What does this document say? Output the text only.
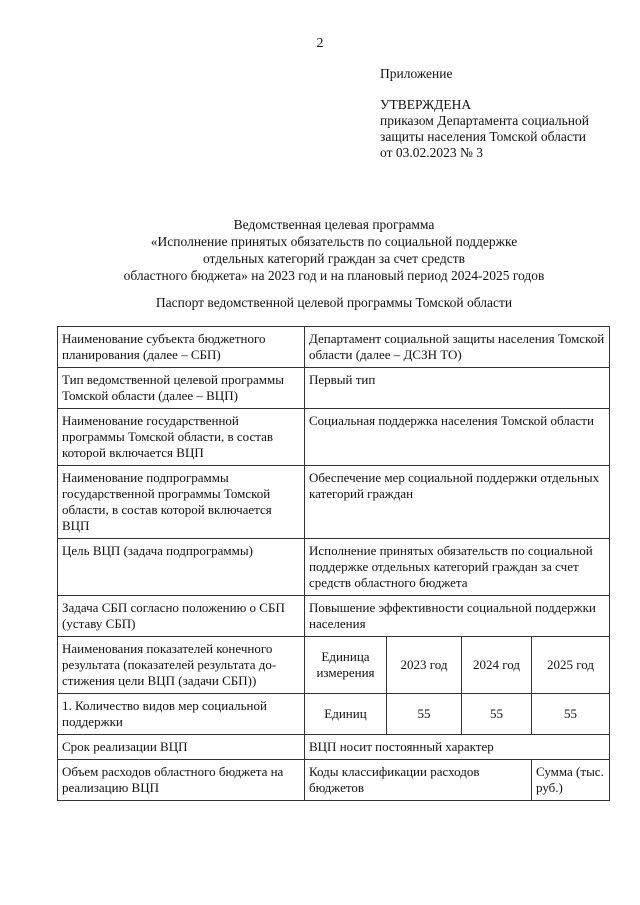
2
Приложение
УТВЕРЖДЕНА
приказом Департамента социальной
защиты населения Томской области
от 03.02.2023 № 3
Ведомственная целевая программа
«Исполнение принятых обязательств по социальной поддержке
отдельных категорий граждан за счет средств
областного бюджета» на 2023 год и на плановый период 2024-2025 годов
Паспорт ведомственной целевой программы Томской области
Наименование субъекта бюджетного планирования (далее – СБП)	Департамент социальной защиты населения Томской области (далее – ДСЗН ТО)			
Тип ведомственной целевой программы Томской области (далее – ВЦП)	Первый тип			
Наименование государственной программы Томской области, в состав которой включается ВЦП	Социальная поддержка населения Томской области			
Наименование подпрограммы государственной программы Томской области, в состав которой включается ВЦП	Обеспечение мер социальной поддержки отдельных категорий граждан			
Цель ВЦП (задача подпрограммы)	Исполнение принятых обязательств по социальной поддержке отдельных категорий граждан за счет средств областного бюджета			
Задача СБП согласно положению о СБП (уставу СБП)	Повышение эффективности социальной поддержки населения			
Наименования показателей конечного результата (показателей результата до-стижения цели ВЦП (задачи СБП))	Единица измерения	2023 год	2024 год	2025 год
1. Количество видов мер социальной поддержки	Единиц	55	55	55
Срок реализации ВЦП	ВЦП носит постоянный характер			
Объем расходов областного бюджета на реализацию ВЦП	Коды классификации расходов бюджетов			Сумма (тыс. руб.)
